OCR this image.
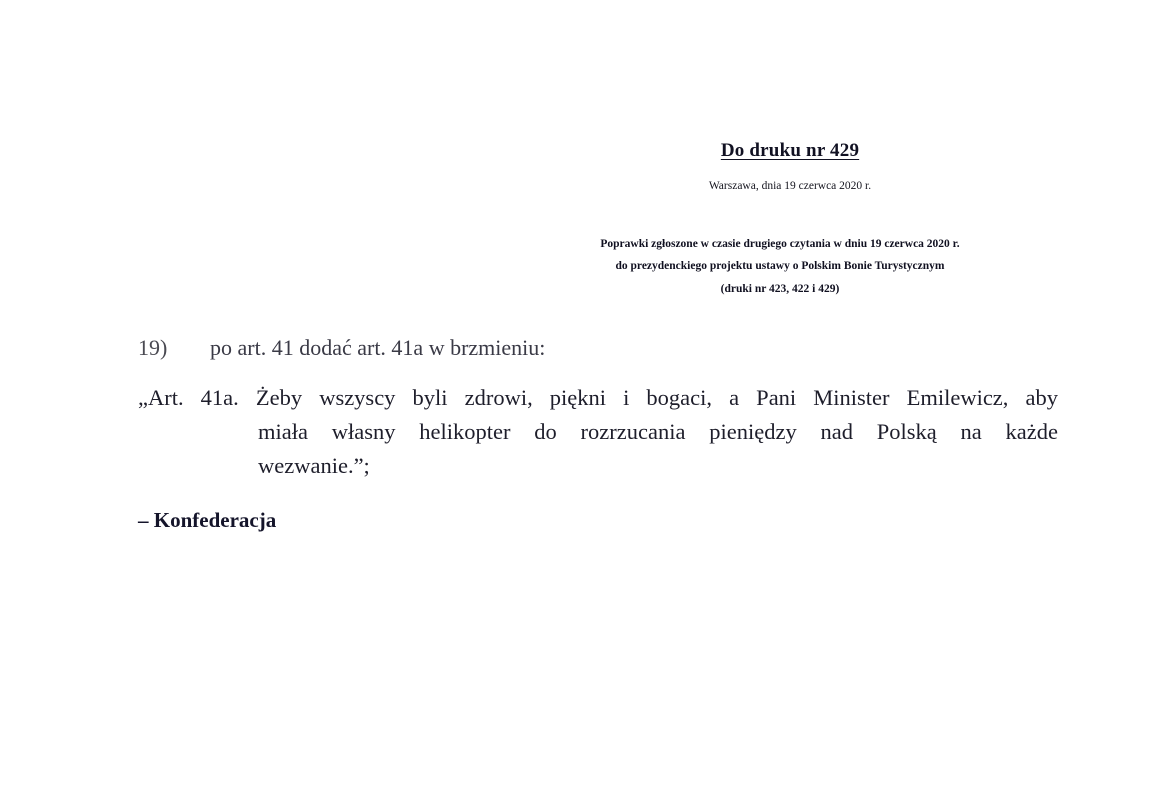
Do druku nr 429
Warszawa, dnia 19 czerwca 2020 r.
Poprawki zgłoszone w czasie drugiego czytania w dniu 19 czerwca 2020 r.
do prezydenckiego projektu ustawy o Polskim Bonie Turystycznym
(druki nr 423, 422 i 429)
19)	po art. 41 dodać art. 41a w brzmieniu:
„Art. 41a. Żeby wszyscy byli zdrowi, piękni i bogaci, a Pani Minister Emilewicz, aby
miała własny helikopter do rozrzucania pieniędzy nad Polską na każde
wezwanie.”;
– Konfederacja
